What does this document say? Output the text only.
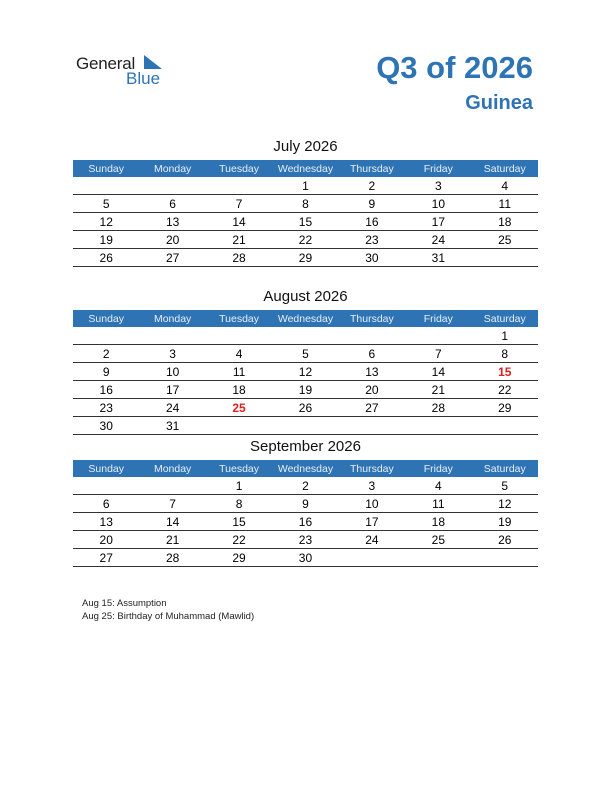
General
Blue	Q3 of 2026
Guinea
July 2026
Sunday	Monday	Tuesday	Wednesday	Thursday	Friday	Saturday
			1	2	3	4
5	6	7	8	9	10	11
12	13	14	15	16	17	18
19	20	21	22	23	24	25
26	27	28	29	30	31	
August 2026
Sunday	Monday	Tuesday	Wednesday	Thursday	Friday	Saturday
						1
2	3	4	5	6	7	8
9	10	11	12	13	14	15
16	17	18	19	20	21	22
23	24	25	26	27	28	29
30	31					
September 2026
Sunday	Monday	Tuesday	Wednesday	Thursday	Friday	Saturday
		1	2	3	4	5
6	7	8	9	10	11	12
13	14	15	16	17	18	19
20	21	22	23	24	25	26
27	28	29	30			
Aug 15: Assumption
Aug 25: Birthday of Muhammad (Mawlid)
